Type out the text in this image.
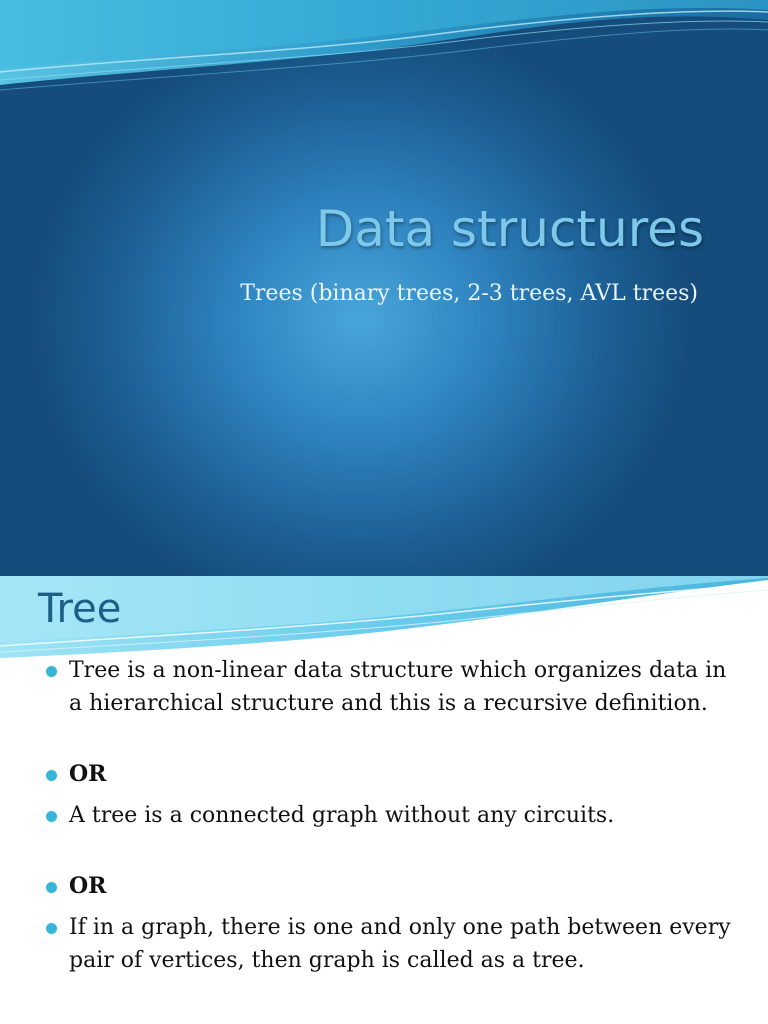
Data structures
Trees (binary trees, 2-3 trees, AVL trees)
Tree
Tree is a non-linear data structure which organizes data in a hierarchical structure and this is a recursive definition.
OR
A tree is a connected graph without any circuits.
OR
If in a graph, there is one and only one path between every pair of vertices, then graph is called as a tree.
